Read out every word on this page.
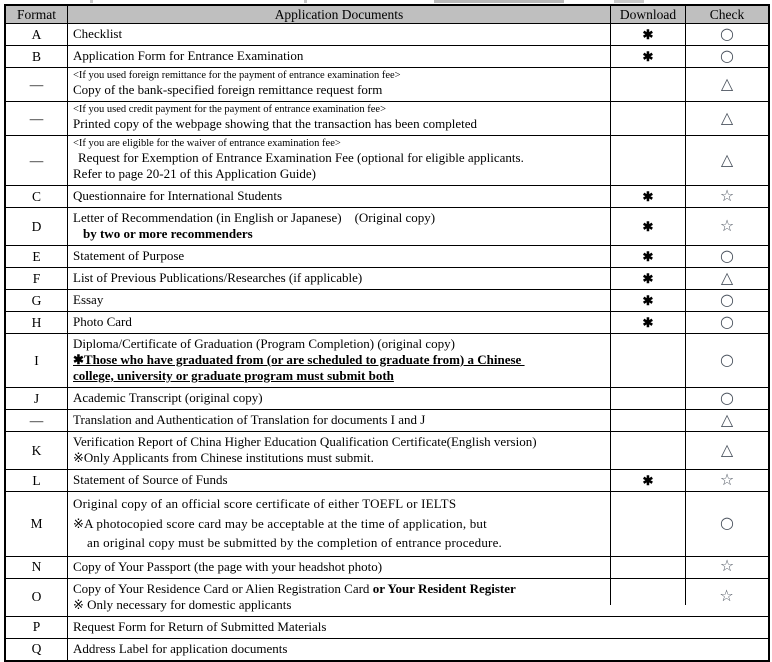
Format	Application Documents	Download	Check
A	Checklist	✱	○
B	Application Form for Entrance Examination	✱	○
—	<If you used foreign remittance for the payment of entrance examination fee>
Copy of the bank-specified foreign remittance request form		△
—	<If you used credit payment for the payment of entrance examination fee>
Printed copy of the webpage showing that the transaction has been completed		△
—	<If you are eligible for the waiver of entrance examination fee>
Request for Exemption of Entrance Examination Fee (optional for eligible applicants.
Refer to page 20-21 of this Application Guide)		△
C	Questionnaire for International Students	✱	☆
D	Letter of Recommendation (in English or Japanese)    (Original copy)
by two or more recommenders	✱	☆
E	Statement of Purpose	✱	○
F	List of Previous Publications/Researches (if applicable)	✱	△
G	Essay	✱	○
H	Photo Card	✱	○
I	Diploma/Certificate of Graduation (Program Completion) (original copy)
✱Those who have graduated from (or are scheduled to graduate from) a Chinese
college, university or graduate program must submit both		○
J	Academic Transcript (original copy)		○
—	Translation and Authentication of Translation for documents I and J		△
K	Verification Report of China Higher Education Qualification Certificate(English version)
※Only Applicants from Chinese institutions must submit.		△
L	Statement of Source of Funds	✱	☆
M	Original copy of an official score certificate of either TOEFL or IELTS
※A photocopied score card may be acceptable at the time of application, but
an original copy must be submitted by the completion of entrance procedure.		○
N	Copy of Your Passport (the page with your headshot photo)		☆
O	Copy of Your Residence Card or Alien Registration Card or Your Resident Register
※ Only necessary for domestic applicants		☆
P	Request Form for Return of Submitted Materials		

Q	Address Label for application documents		
